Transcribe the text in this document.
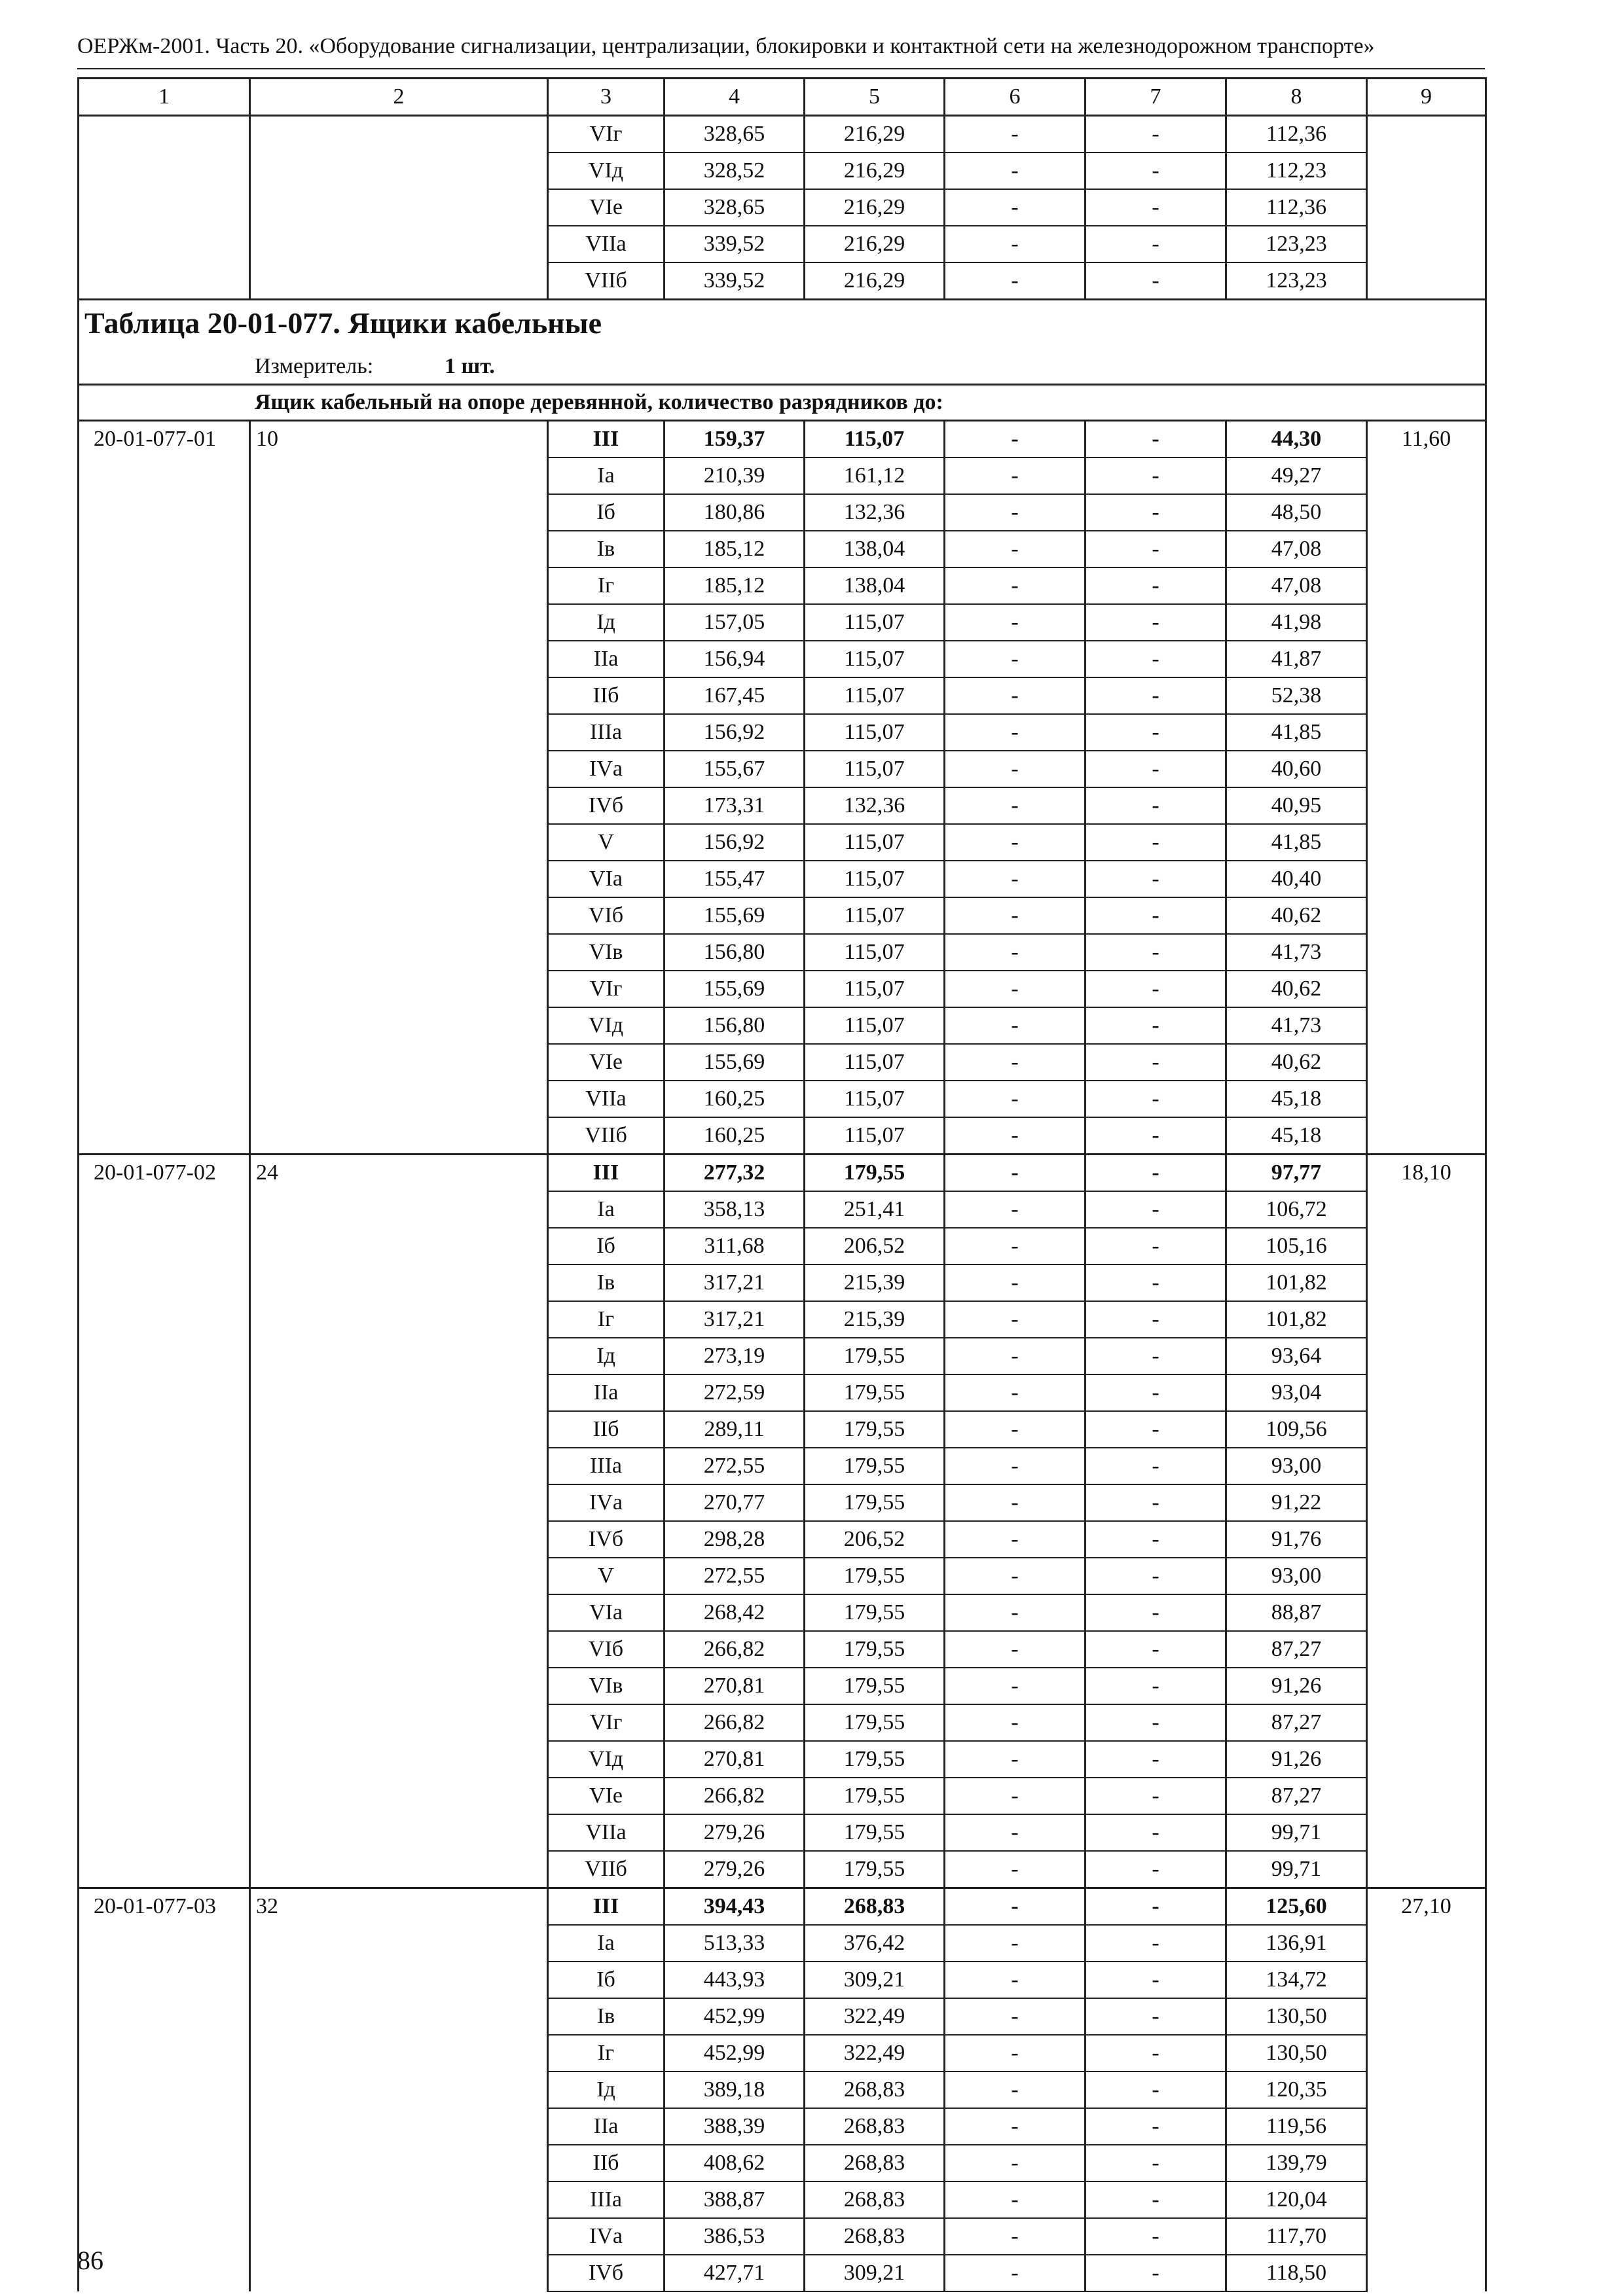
ОЕРЖм-2001. Часть 20. «Оборудование сигнализации, централизации, блокировки и контактной сети на железнодорожном транспорте»
1	2	3	4	5	6	7	8	9
		VIг	328,65	216,29	-	-	112,36	
		VIд	328,52	216,29	-	-	112,23	
		VIе	328,65	216,29	-	-	112,36	
		VIIа	339,52	216,29	-	-	123,23	
		VIIб	339,52	216,29	-	-	123,23	
Таблица 20-01-077. Ящики кабельные								
Измеритель: 1 шт.								
Ящик кабельный на опоре деревянной, количество разрядников до:								
20-01-077-01	10	III	159,37	115,07	-	-	44,30	11,60
		Iа	210,39	161,12	-	-	49,27	
		Iб	180,86	132,36	-	-	48,50	
		Iв	185,12	138,04	-	-	47,08	
		Iг	185,12	138,04	-	-	47,08	
		Iд	157,05	115,07	-	-	41,98	
		IIа	156,94	115,07	-	-	41,87	
		IIб	167,45	115,07	-	-	52,38	
		IIIа	156,92	115,07	-	-	41,85	
		IVа	155,67	115,07	-	-	40,60	
		IVб	173,31	132,36	-	-	40,95	
		V	156,92	115,07	-	-	41,85	
		VIа	155,47	115,07	-	-	40,40	
		VIб	155,69	115,07	-	-	40,62	
		VIв	156,80	115,07	-	-	41,73	
		VIг	155,69	115,07	-	-	40,62	
		VIд	156,80	115,07	-	-	41,73	
		VIе	155,69	115,07	-	-	40,62	
		VIIа	160,25	115,07	-	-	45,18	
		VIIб	160,25	115,07	-	-	45,18	
20-01-077-02	24	III	277,32	179,55	-	-	97,77	18,10
		Iа	358,13	251,41	-	-	106,72	
		Iб	311,68	206,52	-	-	105,16	
		Iв	317,21	215,39	-	-	101,82	
		Iг	317,21	215,39	-	-	101,82	
		Iд	273,19	179,55	-	-	93,64	
		IIа	272,59	179,55	-	-	93,04	
		IIб	289,11	179,55	-	-	109,56	
		IIIа	272,55	179,55	-	-	93,00	
		IVа	270,77	179,55	-	-	91,22	
		IVб	298,28	206,52	-	-	91,76	
		V	272,55	179,55	-	-	93,00	
		VIа	268,42	179,55	-	-	88,87	
		VIб	266,82	179,55	-	-	87,27	
		VIв	270,81	179,55	-	-	91,26	
		VIг	266,82	179,55	-	-	87,27	
		VIд	270,81	179,55	-	-	91,26	
		VIе	266,82	179,55	-	-	87,27	
		VIIа	279,26	179,55	-	-	99,71	
		VIIб	279,26	179,55	-	-	99,71	
20-01-077-03	32	III	394,43	268,83	-	-	125,60	27,10
		Iа	513,33	376,42	-	-	136,91	
		Iб	443,93	309,21	-	-	134,72	
		Iв	452,99	322,49	-	-	130,50	
		Iг	452,99	322,49	-	-	130,50	
		Iд	389,18	268,83	-	-	120,35	
		IIа	388,39	268,83	-	-	119,56	
		IIб	408,62	268,83	-	-	139,79	
		IIIа	388,87	268,83	-	-	120,04	
		IVа	386,53	268,83	-	-	117,70	
		IVб	427,71	309,21	-	-	118,50	
86
